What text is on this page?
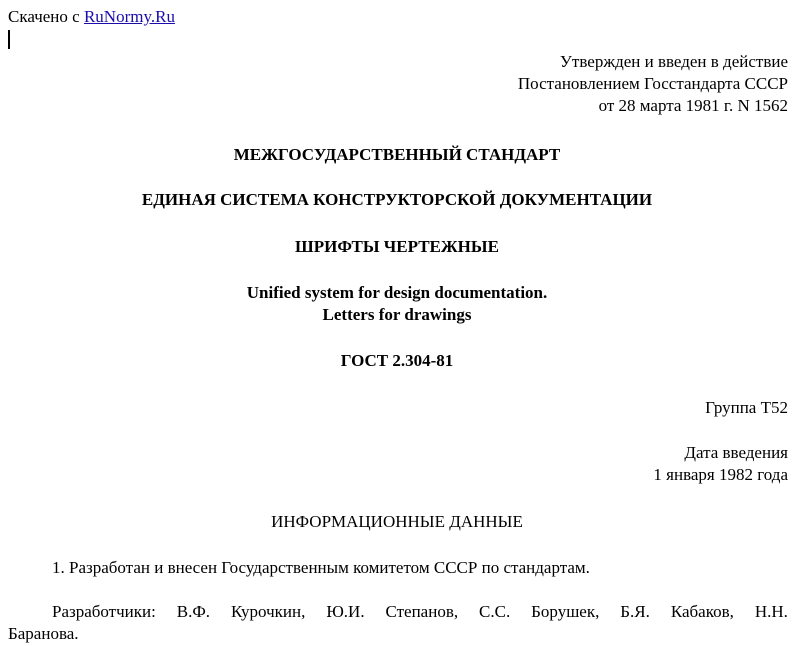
Скачено с RuNormy.Ru
Утвержден и введен в действие
Постановлением Госстандарта СССР
от 28 марта 1981 г. N 1562
МЕЖГОСУДАРСТВЕННЫЙ СТАНДАРТ
ЕДИНАЯ СИСТЕМА КОНСТРУКТОРСКОЙ ДОКУМЕНТАЦИИ
ШРИФТЫ ЧЕРТЕЖНЫЕ
Unified system for design documentation.
Letters for drawings
ГОСТ 2.304-81
Группа Т52
Дата введения
1 января 1982 года
ИНФОРМАЦИОННЫЕ ДАННЫЕ
1. Разработан и внесен Государственным комитетом СССР по стандартам.
Разработчики: В.Ф. Курочкин, Ю.И. Степанов, С.С. Борушек, Б.Я. Кабаков, Н.Н.
Баранова.
